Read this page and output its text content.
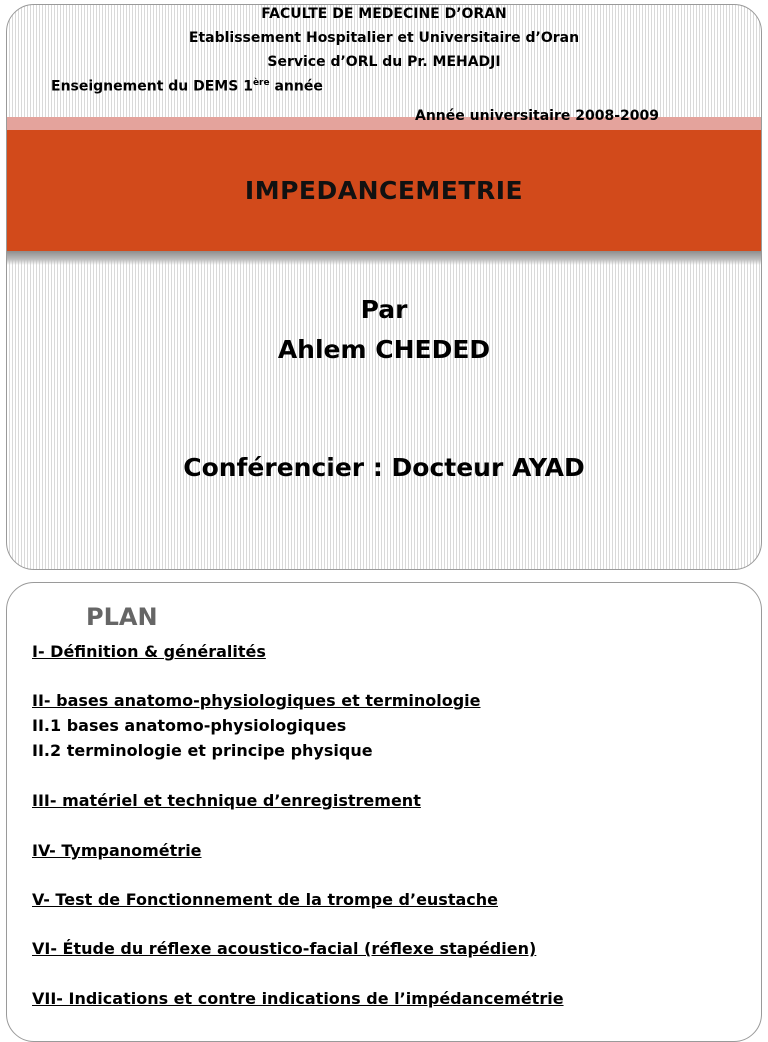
FACULTE DE MEDECINE D’ORAN
Etablissement Hospitalier et Universitaire d’Oran
Service d’ORL du Pr. MEHADJI
Enseignement du DEMS 1ère année
Année universitaire 2008-2009
IMPEDANCEMETRIE
Par
Ahlem CHEDED
Conférencier : Docteur AYAD
PLAN
I- Définition & généralités
II- bases anatomo-physiologiques et terminologie
II.1 bases anatomo-physiologiques
II.2 terminologie et principe physique
III- matériel et technique d’enregistrement
IV- Tympanométrie
V- Test de Fonctionnement de la trompe d’eustache
VI- Étude du réflexe acoustico-facial (réflexe stapédien)
VII- Indications et contre indications de l’impédancemétrie
